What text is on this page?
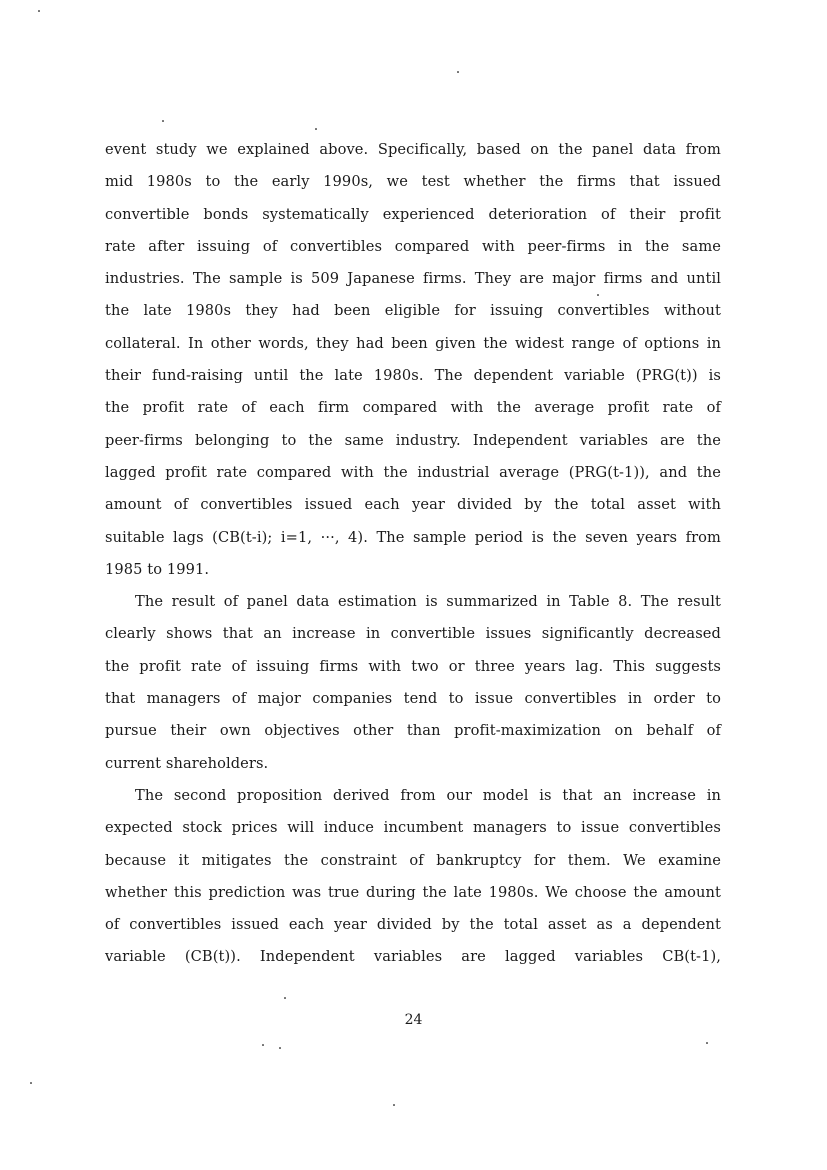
event study we explained above. Specifically, based on the panel data from
mid 1980s to the early 1990s, we test whether the firms that issued
convertible bonds systematically experienced deterioration of their profit
rate after issuing of convertibles compared with peer-firms in the same
industries. The sample is 509 Japanese firms. They are major firms and until
the late 1980s they had been eligible for issuing convertibles without
collateral. In other words, they had been given the widest range of options in
their fund-raising until the late 1980s. The dependent variable (PRG(t)) is
the profit rate of each firm compared with the average profit rate of
peer-firms belonging to the same industry. Independent variables are the
lagged profit rate compared with the industrial average (PRG(t-1)), and the
amount of convertibles issued each year divided by the total asset with
suitable lags (CB(t-i); i=1, ···, 4). The sample period is the seven years from
1985 to 1991.

The result of panel data estimation is summarized in Table 8. The result
clearly shows that an increase in convertible issues significantly decreased
the profit rate of issuing firms with two or three years lag. This suggests
that managers of major companies tend to issue convertibles in order to
pursue their own objectives other than profit-maximization on behalf of
current shareholders.

The second proposition derived from our model is that an increase in
expected stock prices will induce incumbent managers to issue convertibles
because it mitigates the constraint of bankruptcy for them. We examine
whether this prediction was true during the late 1980s. We choose the amount
of convertibles issued each year divided by the total asset as a dependent
variable (CB(t)). Independent variables are lagged variables CB(t-1),

24
